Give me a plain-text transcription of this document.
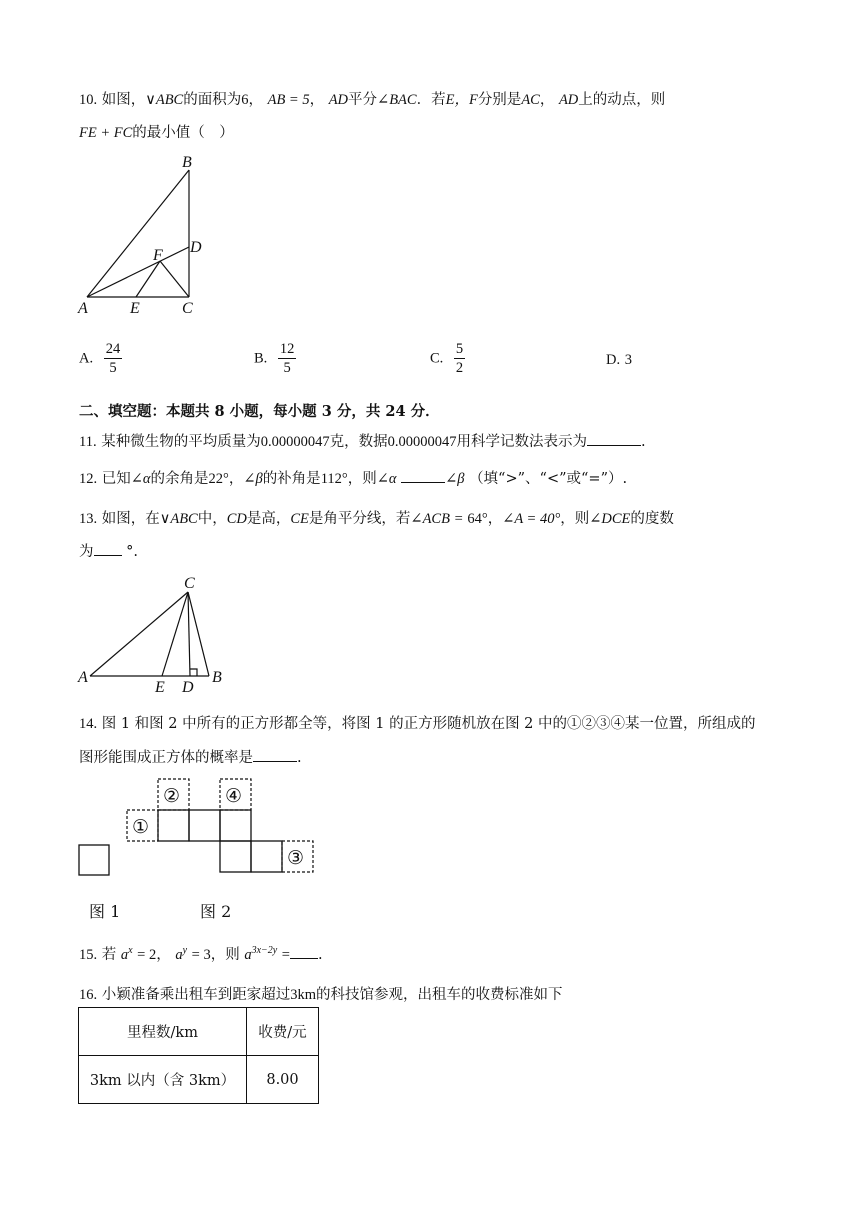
10. 如图，∨ABC的面积为6， AB = 5， AD平分∠BAC．若E，F分别是AC， AD上的动点，则
FE + FC的最小值（　）
B
D
F
A	E	C
A. $\frac{24}{5}$	B. $\frac{12}{5}$	C. $\frac{5}{2}$	D. 3
二、填空题：本题共 8 小题，每小题 3 分，共 24 分．
11. 某种微生物的平均质量为0.00000047克，数据0.00000047用科学记数法表示为	.
12. 已知∠α的余角是22°，∠β的补角是112°，则∠α	∠β （填“>”、“<”或“=”）.
13. 如图，在∨ABC中，CD是高，CE是角平分线，若∠ACB = 64°，∠A = 40°，则∠DCE的度数
为 °.
C
A	B
E D
14. 图 1 和图 2 中所有的正方形都全等，将图 1 的正方形随机放在图 2 中的①②③④某一位置，所组成的
图形能围成正方体的概率是	.
①
② ④
③
图 1	图 2
15. 若 $a^x = 2$， $a^y = 3$，则 $a^{3x-2y}$ = .
16. 小颖准备乘出租车到距家超过3km的科技馆参观，出租车的收费标准如下
里程数/km	收费/元
3km 以内（含 3km）	8.00
